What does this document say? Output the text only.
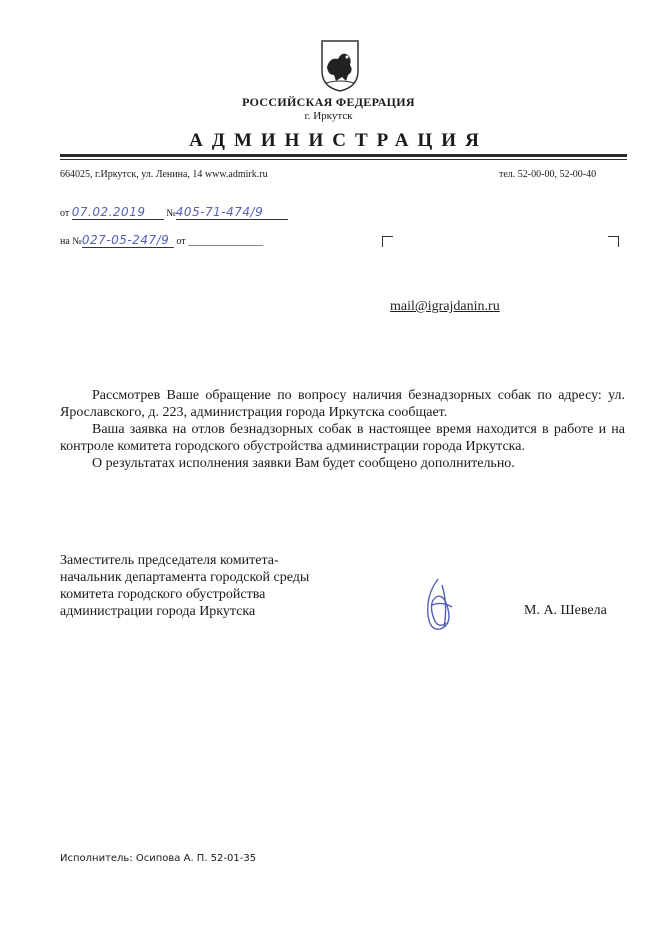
РОССИЙСКАЯ ФЕДЕРАЦИЯ
г. Иркутск
АДМИНИСТРАЦИЯ
664025, г.Иркутск, ул. Ленина, 14 www.admirk.ru	тел. 52-00-00, 52-00-40
от 07.02.2019 №405-71-474/9
на №027-05-247/9 от _______________
mail@igrajdanin.ru

Рассмотрев Ваше обращение по вопросу наличия безнадзорных собак по адресу: ул. Ярославского, д. 223, администрация города Иркутска сообщает.

Ваша заявка на отлов безнадзорных собак в настоящее время находится в работе и на контроле комитета городского обустройства администрации города Иркутска.

О результатах исполнения заявки Вам будет сообщено дополнительно.

Заместитель председателя комитета-
начальник департамента городской среды
комитета городского обустройства
администрации города Иркутска	М. А. Шевела
Исполнитель: Осипова А. П. 52-01-35
